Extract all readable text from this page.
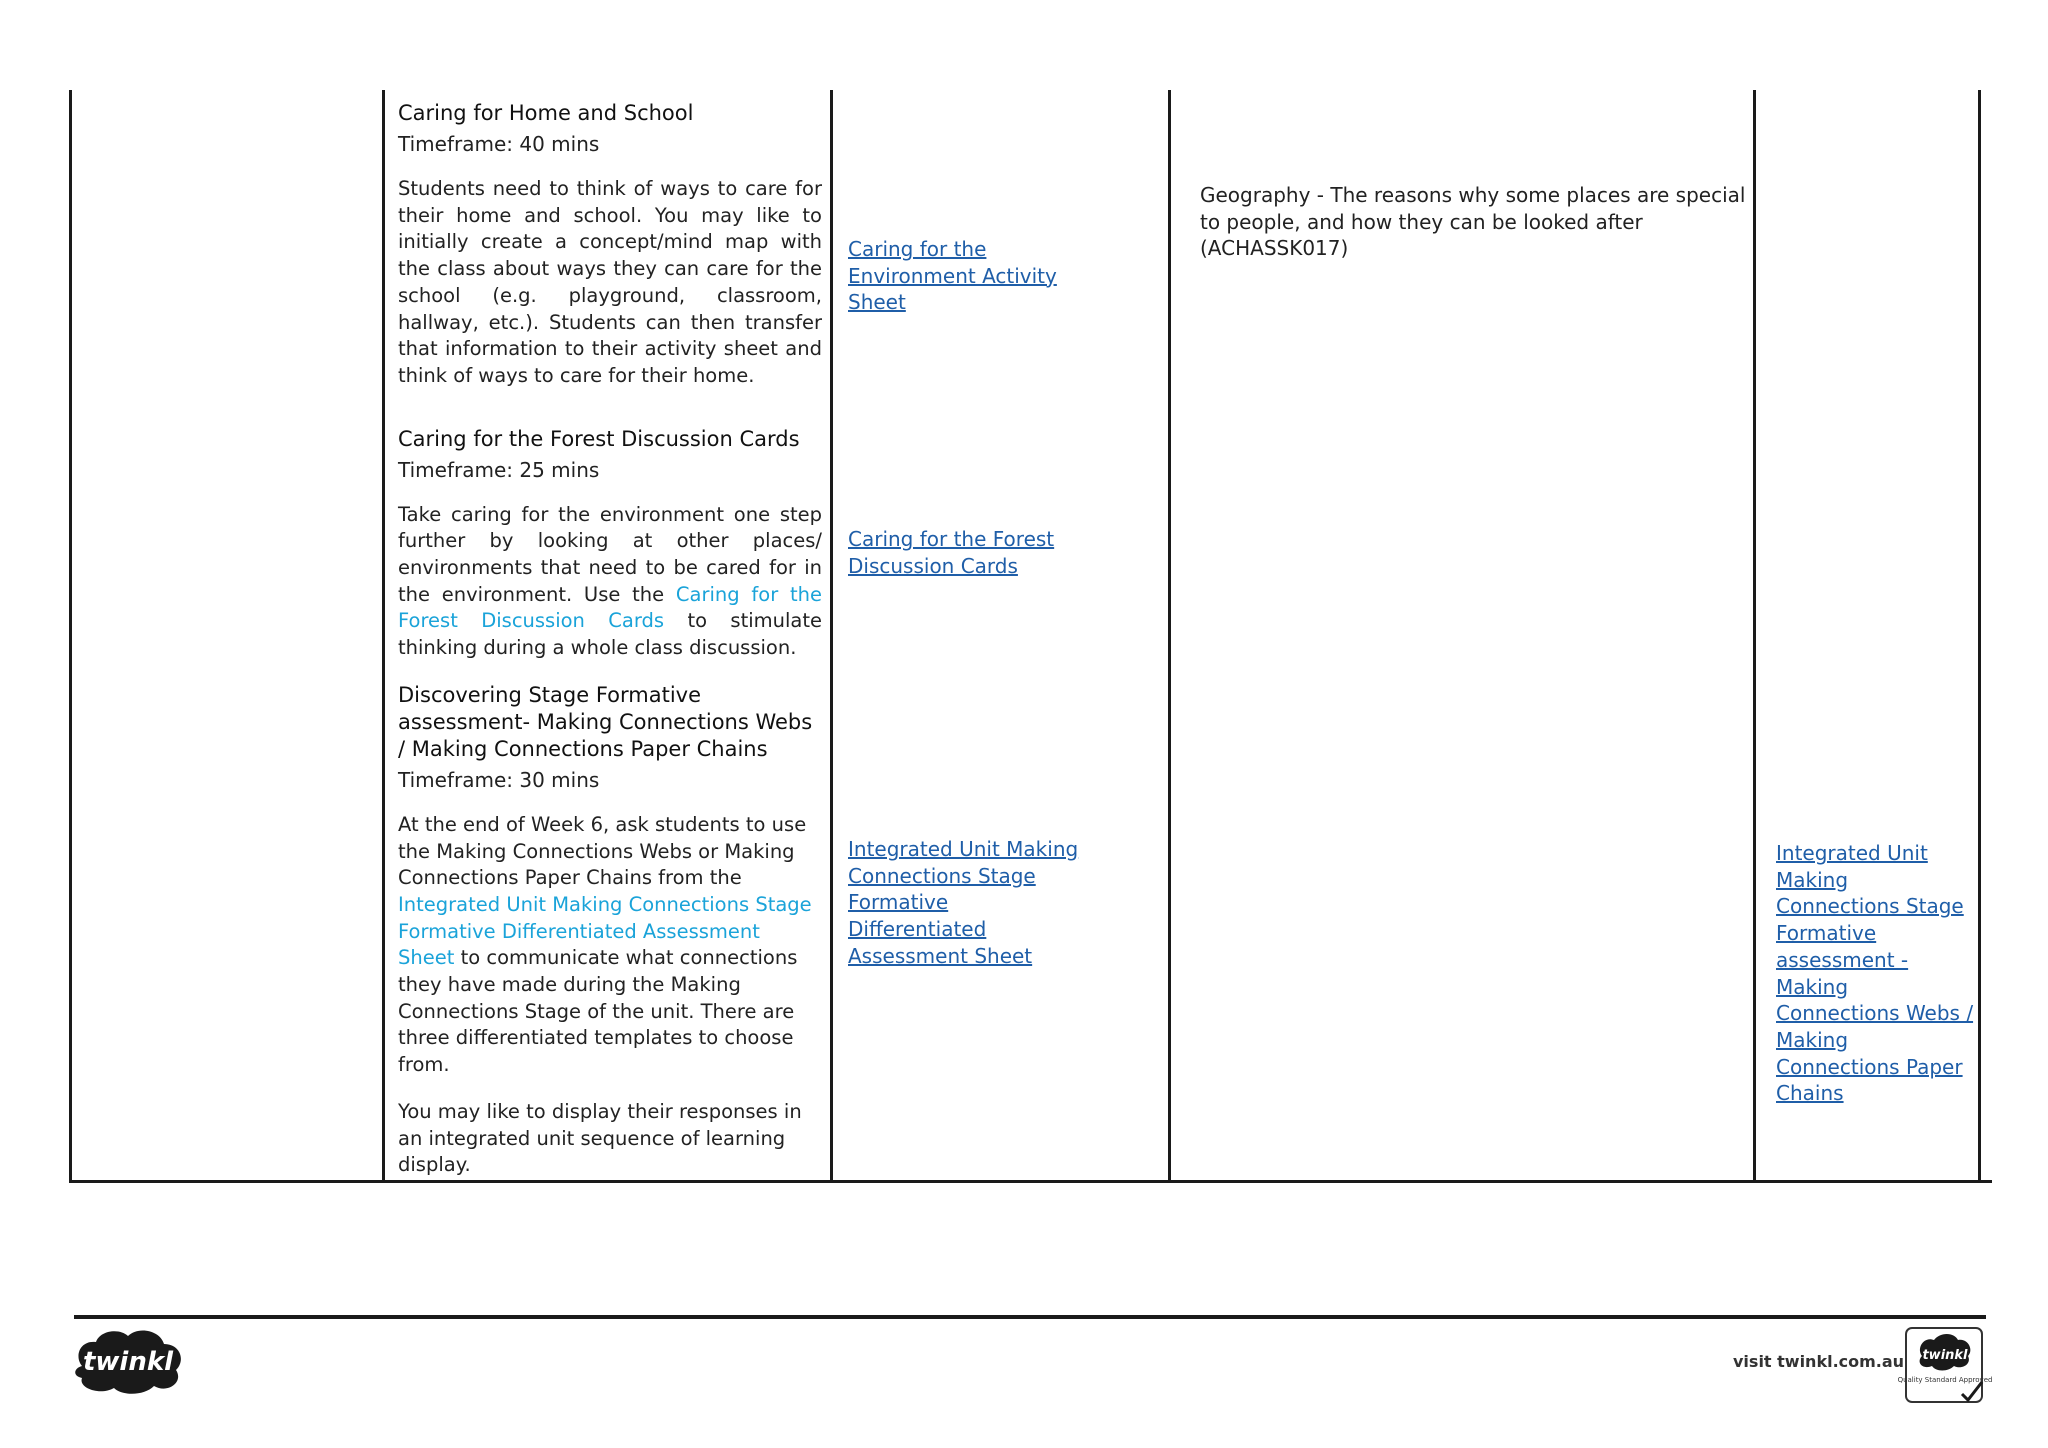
Caring for Home and School

Timeframe: 40 mins

Students need to think of ways to care for their home and school. You may like to initially create a concept/mind map with the class about ways they can care for the school (e.g. playground, classroom, hallway, etc.). Students can then transfer that information to their activity sheet and think of ways to care for their home.

Caring for the Forest Discussion Cards

Timeframe: 25 mins

Take caring for the environment one step further by looking at other places/ environments that need to be cared for in the environment. Use the Caring for the Forest Discussion Cards to stimulate thinking during a whole class discussion.

Discovering Stage Formative assessment- Making Connections Webs / Making Connections Paper Chains

Timeframe: 30 mins

At the end of Week 6, ask students to use the Making Connections Webs or Making Connections Paper Chains from the Integrated Unit Making Connections Stage Formative Differentiated Assessment Sheet to communicate what connections they have made during the Making Connections Stage of the unit. There are three differentiated templates to choose from.

You may like to display their responses in an integrated unit sequence of learning display.

Caring for the Environment Activity Sheet
Caring for the Forest Discussion Cards
Integrated Unit Making Connections Stage Formative Differentiated Assessment Sheet

Geography - The reasons why some places are special to people, and how they can be looked after (ACHASSK017)

Integrated Unit Making Connections Stage Formative assessment - Making Connections Webs / Making Connections Paper Chains
twinkl	visit twinkl.com.au twinkl
Quality Standard Approved
